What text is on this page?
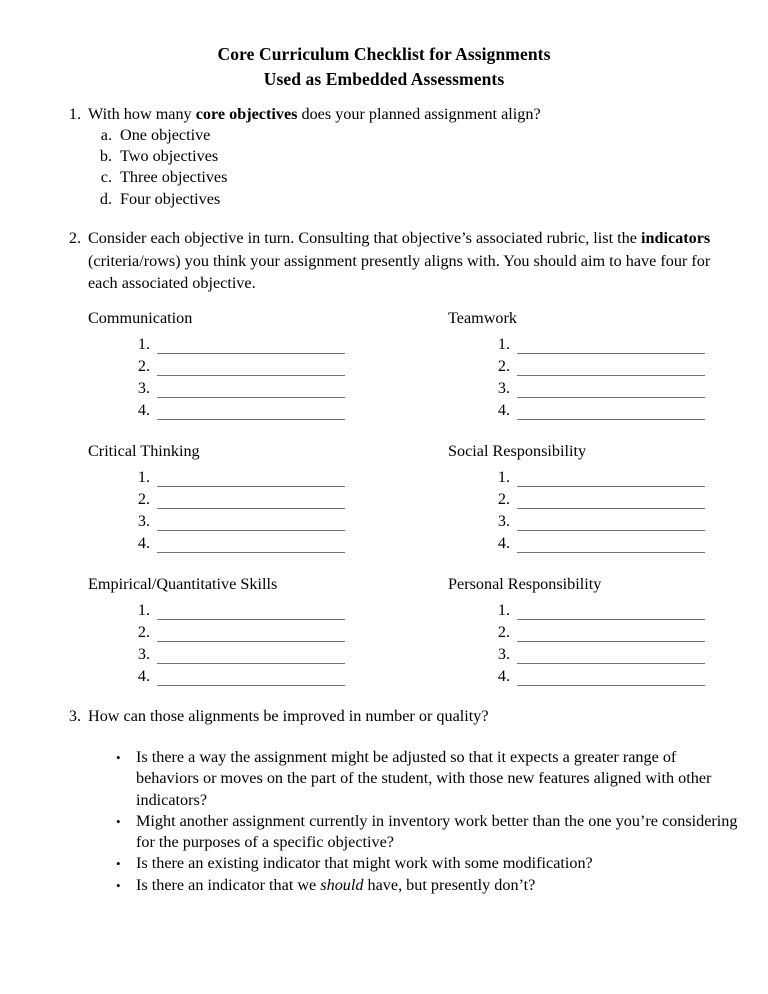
Core Curriculum Checklist for Assignments
Used as Embedded Assessments
1. With how many core objectives does your planned assignment align?
a. One objective
b. Two objectives
c. Three objectives
d. Four objectives
2. Consider each objective in turn. Consulting that objective’s associated rubric, list the indicators (criteria/rows) you think your assignment presently aligns with. You should aim to have four for each associated objective.
Communication
1.
2.
3.
4.
Teamwork
1.
2.
3.
4.
Critical Thinking
1.
2.
3.
4.
Social Responsibility
1.
2.
3.
4.
Empirical/Quantitative Skills
1.
2.
3.
4.
Personal Responsibility
1.
2.
3.
4.
3. How can those alignments be improved in number or quality?
• Is there a way the assignment might be adjusted so that it expects a greater range of behaviors or moves on the part of the student, with those new features aligned with other indicators?
• Might another assignment currently in inventory work better than the one you’re considering for the purposes of a specific objective?
• Is there an existing indicator that might work with some modification?
• Is there an indicator that we should have, but presently don’t?
